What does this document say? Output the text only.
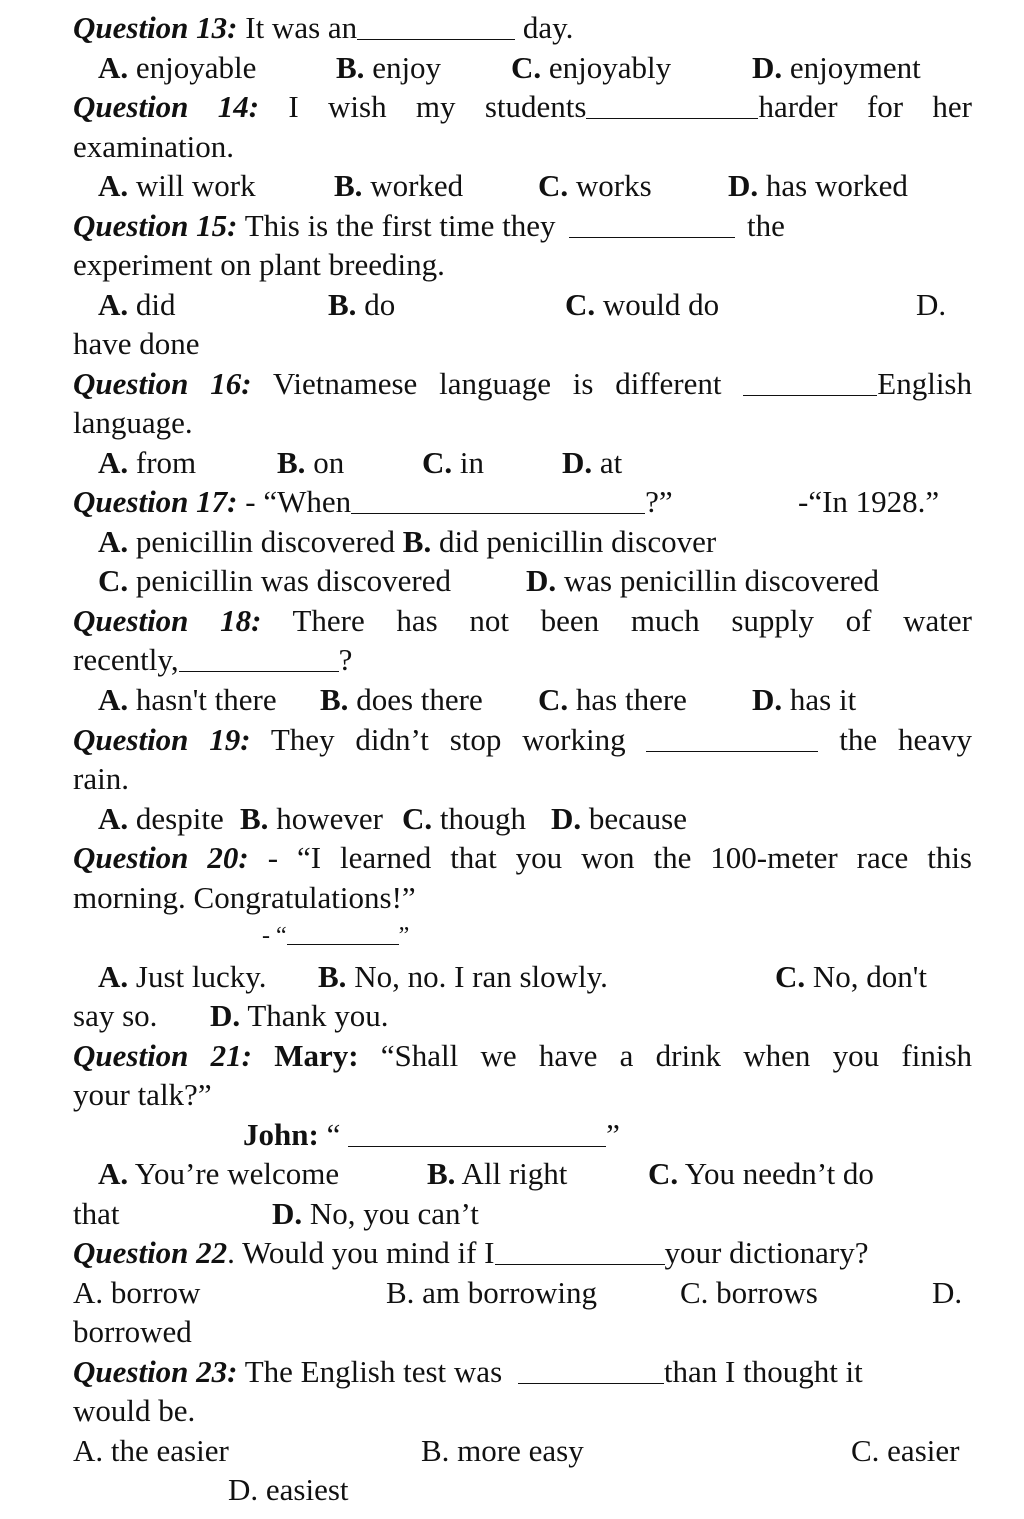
Question 13: It was an	day.
A. enjoyable	B. enjoy C. enjoyably	D. enjoyment
Question 14: I wish my students	harder for her
examination.
A. will work	B. worked C. works D. has worked
Question 15: This is the first time they	the
experiment on plant breeding.
A. did	B. do	C. would do	D.
have done
Question 16: Vietnamese language is different	English
language.
A. from	B. on	C. in	D. at
Question 17: - “When	?”	-“In 1928.”
A. penicillin discovered B. did penicillin discover
C. penicillin was discovered D. was penicillin discovered
Question 18: There has not been much supply of water
recently,	?
A. hasn't there B. does there C. has there D. has it
Question 19: They didn’t stop working	the heavy
rain.
A. despite B. however C. though D. because
Question 20: - “I learned that you won the 100-meter race this
morning. Congratulations!”
- “	”
A. Just lucky. B. No, no. I ran slowly.	C. No, don't
say so. D. Thank you.
Question 21: Mary: “Shall we have a drink when you finish
your talk?”
John: “	”
A. You’re welcome	B. All right	C. You needn’t do
that	D. No, you can’t
Question 22. Would you mind if I	your dictionary?
A. borrow	B. am borrowing	C. borrows	D.
borrowed
Question 23: The English test was	than I thought it
would be.
A. the easier	B. more easy	C. easier
D. easiest
